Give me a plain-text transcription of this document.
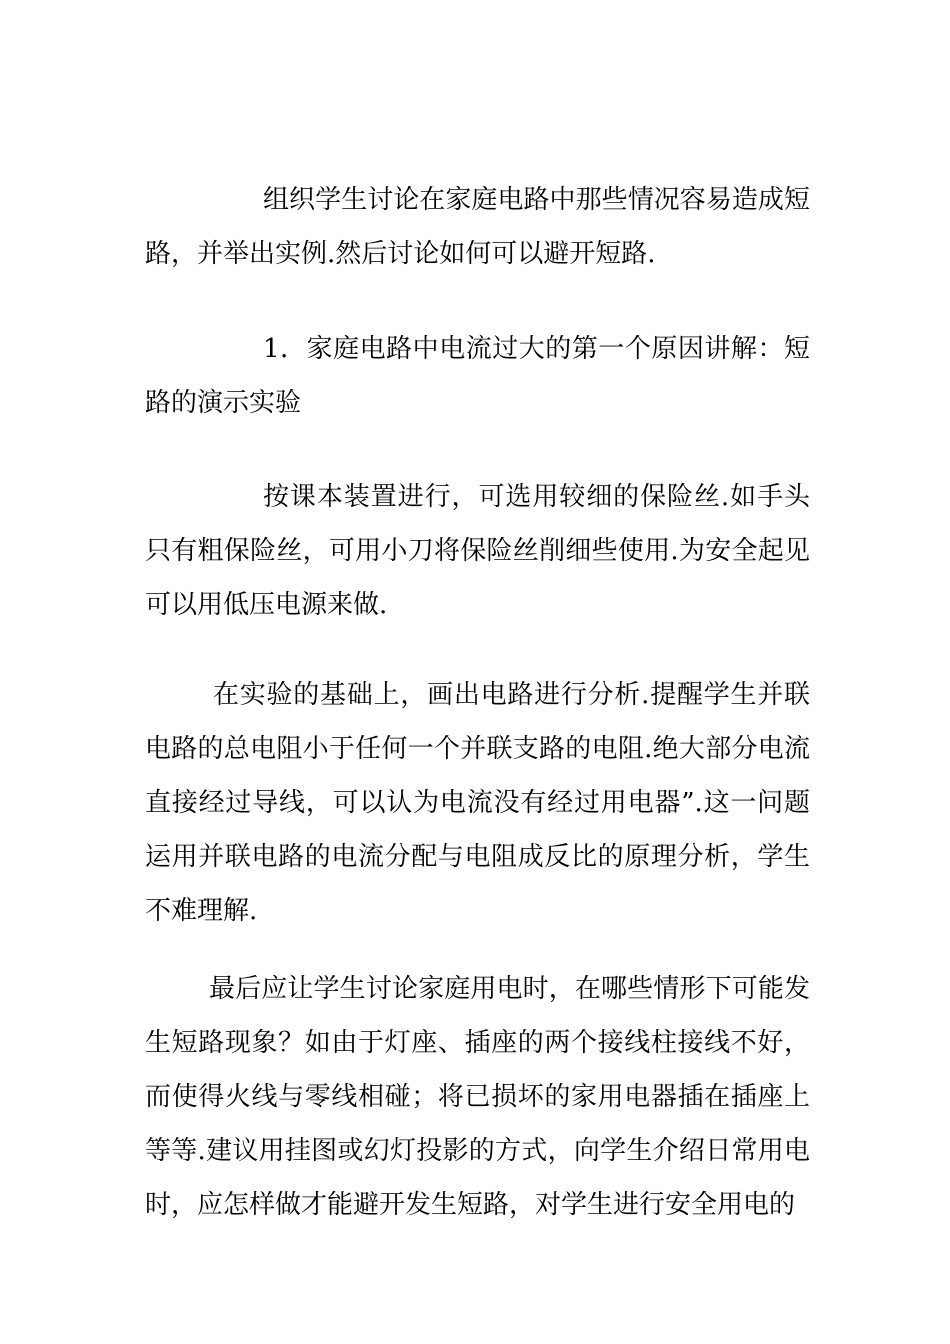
组织学生讨论在家庭电路中那些情况容易造成短路，并举出实例.然后讨论如何可以避开短路.

1．家庭电路中电流过大的第一个原因讲解：短路的演示实验

按课本装置进行，可选用较细的保险丝.如手头只有粗保险丝，可用小刀将保险丝削细些使用.为安全起见可以用低压电源来做.

在实验的基础上，画出电路进行分析.提醒学生并联电路的总电阻小于任何一个并联支路的电阻.绝大部分电流直接经过导线，可以认为电流没有经过用电器”.这一问题运用并联电路的电流分配与电阻成反比的原理分析，学生不难理解.

最后应让学生讨论家庭用电时，在哪些情形下可能发生短路现象？如由于灯座、插座的两个接线柱接线不好，而使得火线与零线相碰；将已损坏的家用电器插在插座上等等.建议用挂图或幻灯投影的方式，向学生介绍日常用电时，应怎样做才能避开发生短路，对学生进行安全用电的
